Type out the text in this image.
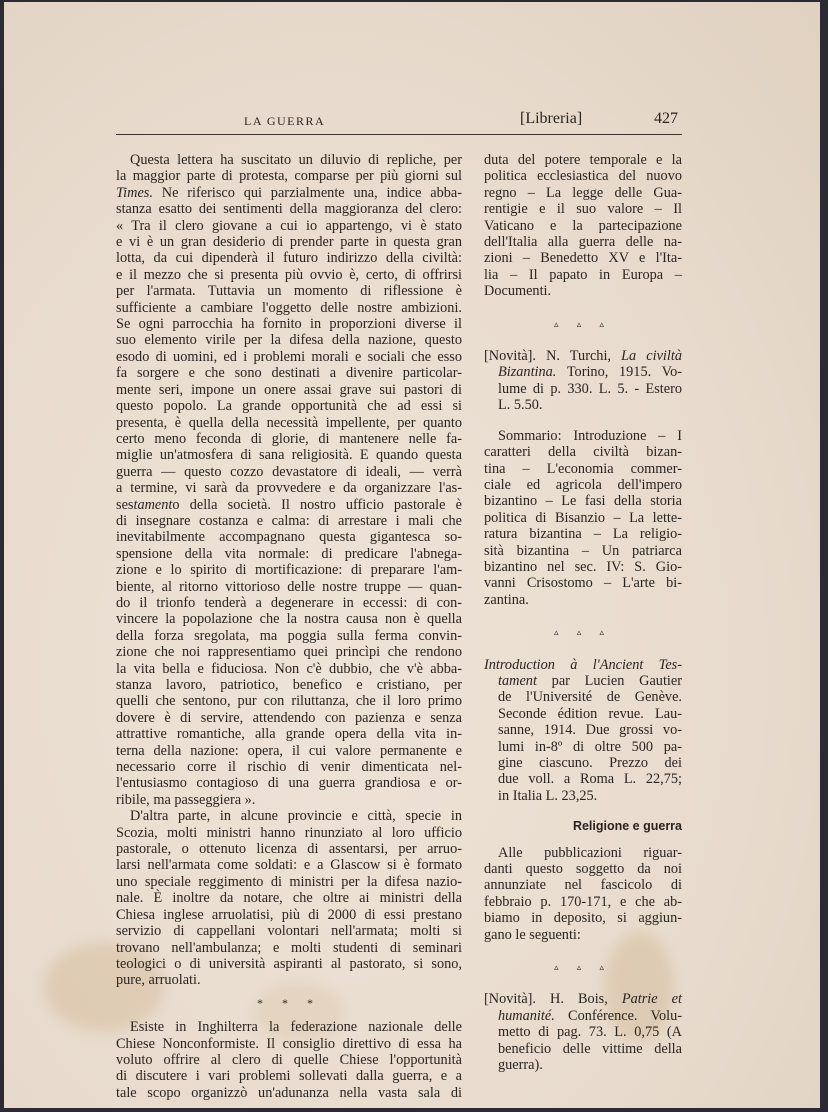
LA GUERRA	[Libreria]	427
Questa lettera ha suscitato un diluvio di repliche, per
la maggior parte di protesta, comparse per più giorni sul
Times. Ne riferisco qui parzialmente una, indice abba-
stanza esatto dei sentimenti della maggioranza del clero:
« Tra il clero giovane a cui io appartengo, vi è stato
e vi è un gran desiderio di prender parte in questa gran
lotta, da cui dipenderà il futuro indirizzo della civiltà:
e il mezzo che si presenta più ovvio è, certo, di offrirsi
per l'armata. Tuttavia un momento di riflessione è
sufficiente a cambiare l'oggetto delle nostre ambizioni.
Se ogni parrocchia ha fornito in proporzioni diverse il
suo elemento virile per la difesa della nazione, questo
esodo di uomini, ed i problemi morali e sociali che esso
fa sorgere e che sono destinati a divenire particolar-
mente seri, impone un onere assai grave sui pastori di
questo popolo. La grande opportunità che ad essi si
presenta, è quella della necessità impellente, per quanto
certo meno feconda di glorie, di mantenere nelle fa-
miglie un'atmosfera di sana religiosità. E quando questa
guerra — questo cozzo devastatore di ideali, — verrà
a termine, vi sarà da provvedere e da organizzare l'as-
sestamento della società. Il nostro ufficio pastorale è
di insegnare costanza e calma: di arrestare i mali che
inevitabilmente accompagnano questa gigantesca so-
spensione della vita normale: di predicare l'abnega-
zione e lo spirito di mortificazione: di preparare l'am-
biente, al ritorno vittorioso delle nostre truppe — quan-
do il trionfo tenderà a degenerare in eccessi: di con-
vincere la popolazione che la nostra causa non è quella
della forza sregolata, ma poggia sulla ferma convin-
zione che noi rappresentiamo quei princìpi che rendono
la vita bella e fiduciosa. Non c'è dubbio, che v'è abba-
stanza lavoro, patriotico, benefico e cristiano, per
quelli che sentono, pur con riluttanza, che il loro primo
dovere è di servire, attendendo con pazienza e senza
attrattive romantiche, alla grande opera della vita in-
terna della nazione: opera, il cui valore permanente e
necessario corre il rischio di venir dimenticata nel-
l'entusiasmo contagioso di una guerra grandiosa e or-
ribile, ma passeggiera ».
D'altra parte, in alcune provincie e città, specie in
Scozia, molti ministri hanno rinunziato al loro ufficio
pastorale, o ottenuto licenza di assentarsi, per arruo-
larsi nell'armata come soldati: e a Glascow si è formato
uno speciale reggimento di ministri per la difesa nazio-
nale. È inoltre da notare, che oltre ai ministri della
Chiesa inglese arruolatisi, più di 2000 di essi prestano
servizio di cappellani volontari nell'armata; molti si
trovano nell'ambulanza; e molti studenti di seminari
teologici o di università aspiranti al pastorato, si sono,
pure, arruolati.
* * *
Esiste in Inghilterra la federazione nazionale delle
Chiese Nonconformiste. Il consiglio direttivo di essa ha
voluto offrire al clero di quelle Chiese l'opportunità
di discutere i vari problemi sollevati dalla guerra, e a
tale scopo organizzò un'adunanza nella vasta sala di
duta del potere temporale e la
politica ecclesiastica del nuovo
regno – La legge delle Gua-
rentigie e il suo valore – Il
Vaticano e la partecipazione
dell'Italia alla guerra delle na-
zioni – Benedetto XV e l'Ita-
lia – Il papato in Europa –
Documenti.
▵ ▵ ▵
[Novità]. N. Turchi, La civiltà
Bizantina. Torino, 1915. Vo-
lume di p. 330. L. 5. - Estero
L. 5.50.
Sommario: Introduzione – I
caratteri della civiltà bizan-
tina – L'economia commer-
ciale ed agricola dell'impero
bizantino – Le fasi della storia
politica di Bisanzio – La lette-
ratura bizantina – La religio-
sità bizantina – Un patriarca
bizantino nel sec. IV: S. Gio-
vanni Crisostomo – L'arte bi-
zantina.
▵ ▵ ▵
Introduction à l'Ancient Tes-
tament par Lucien Gautier
de l'Université de Genève.
Seconde édition revue. Lau-
sanne, 1914. Due grossi vo-
lumi in-8º di oltre 500 pa-
gine ciascuno. Prezzo dei
due voll. a Roma L. 22,75;
in Italia L. 23,25.
Religione e guerra
Alle pubblicazioni riguar-
danti questo soggetto da noi
annunziate nel fascicolo di
febbraio p. 170-171, e che ab-
biamo in deposito, si aggiun-
gano le seguenti:
▵ ▵ ▵
[Novità]. H. Bois, Patrie et
humanité. Conférence. Volu-
metto di pag. 73. L. 0,75 (A
beneficio delle vittime della
guerra).
